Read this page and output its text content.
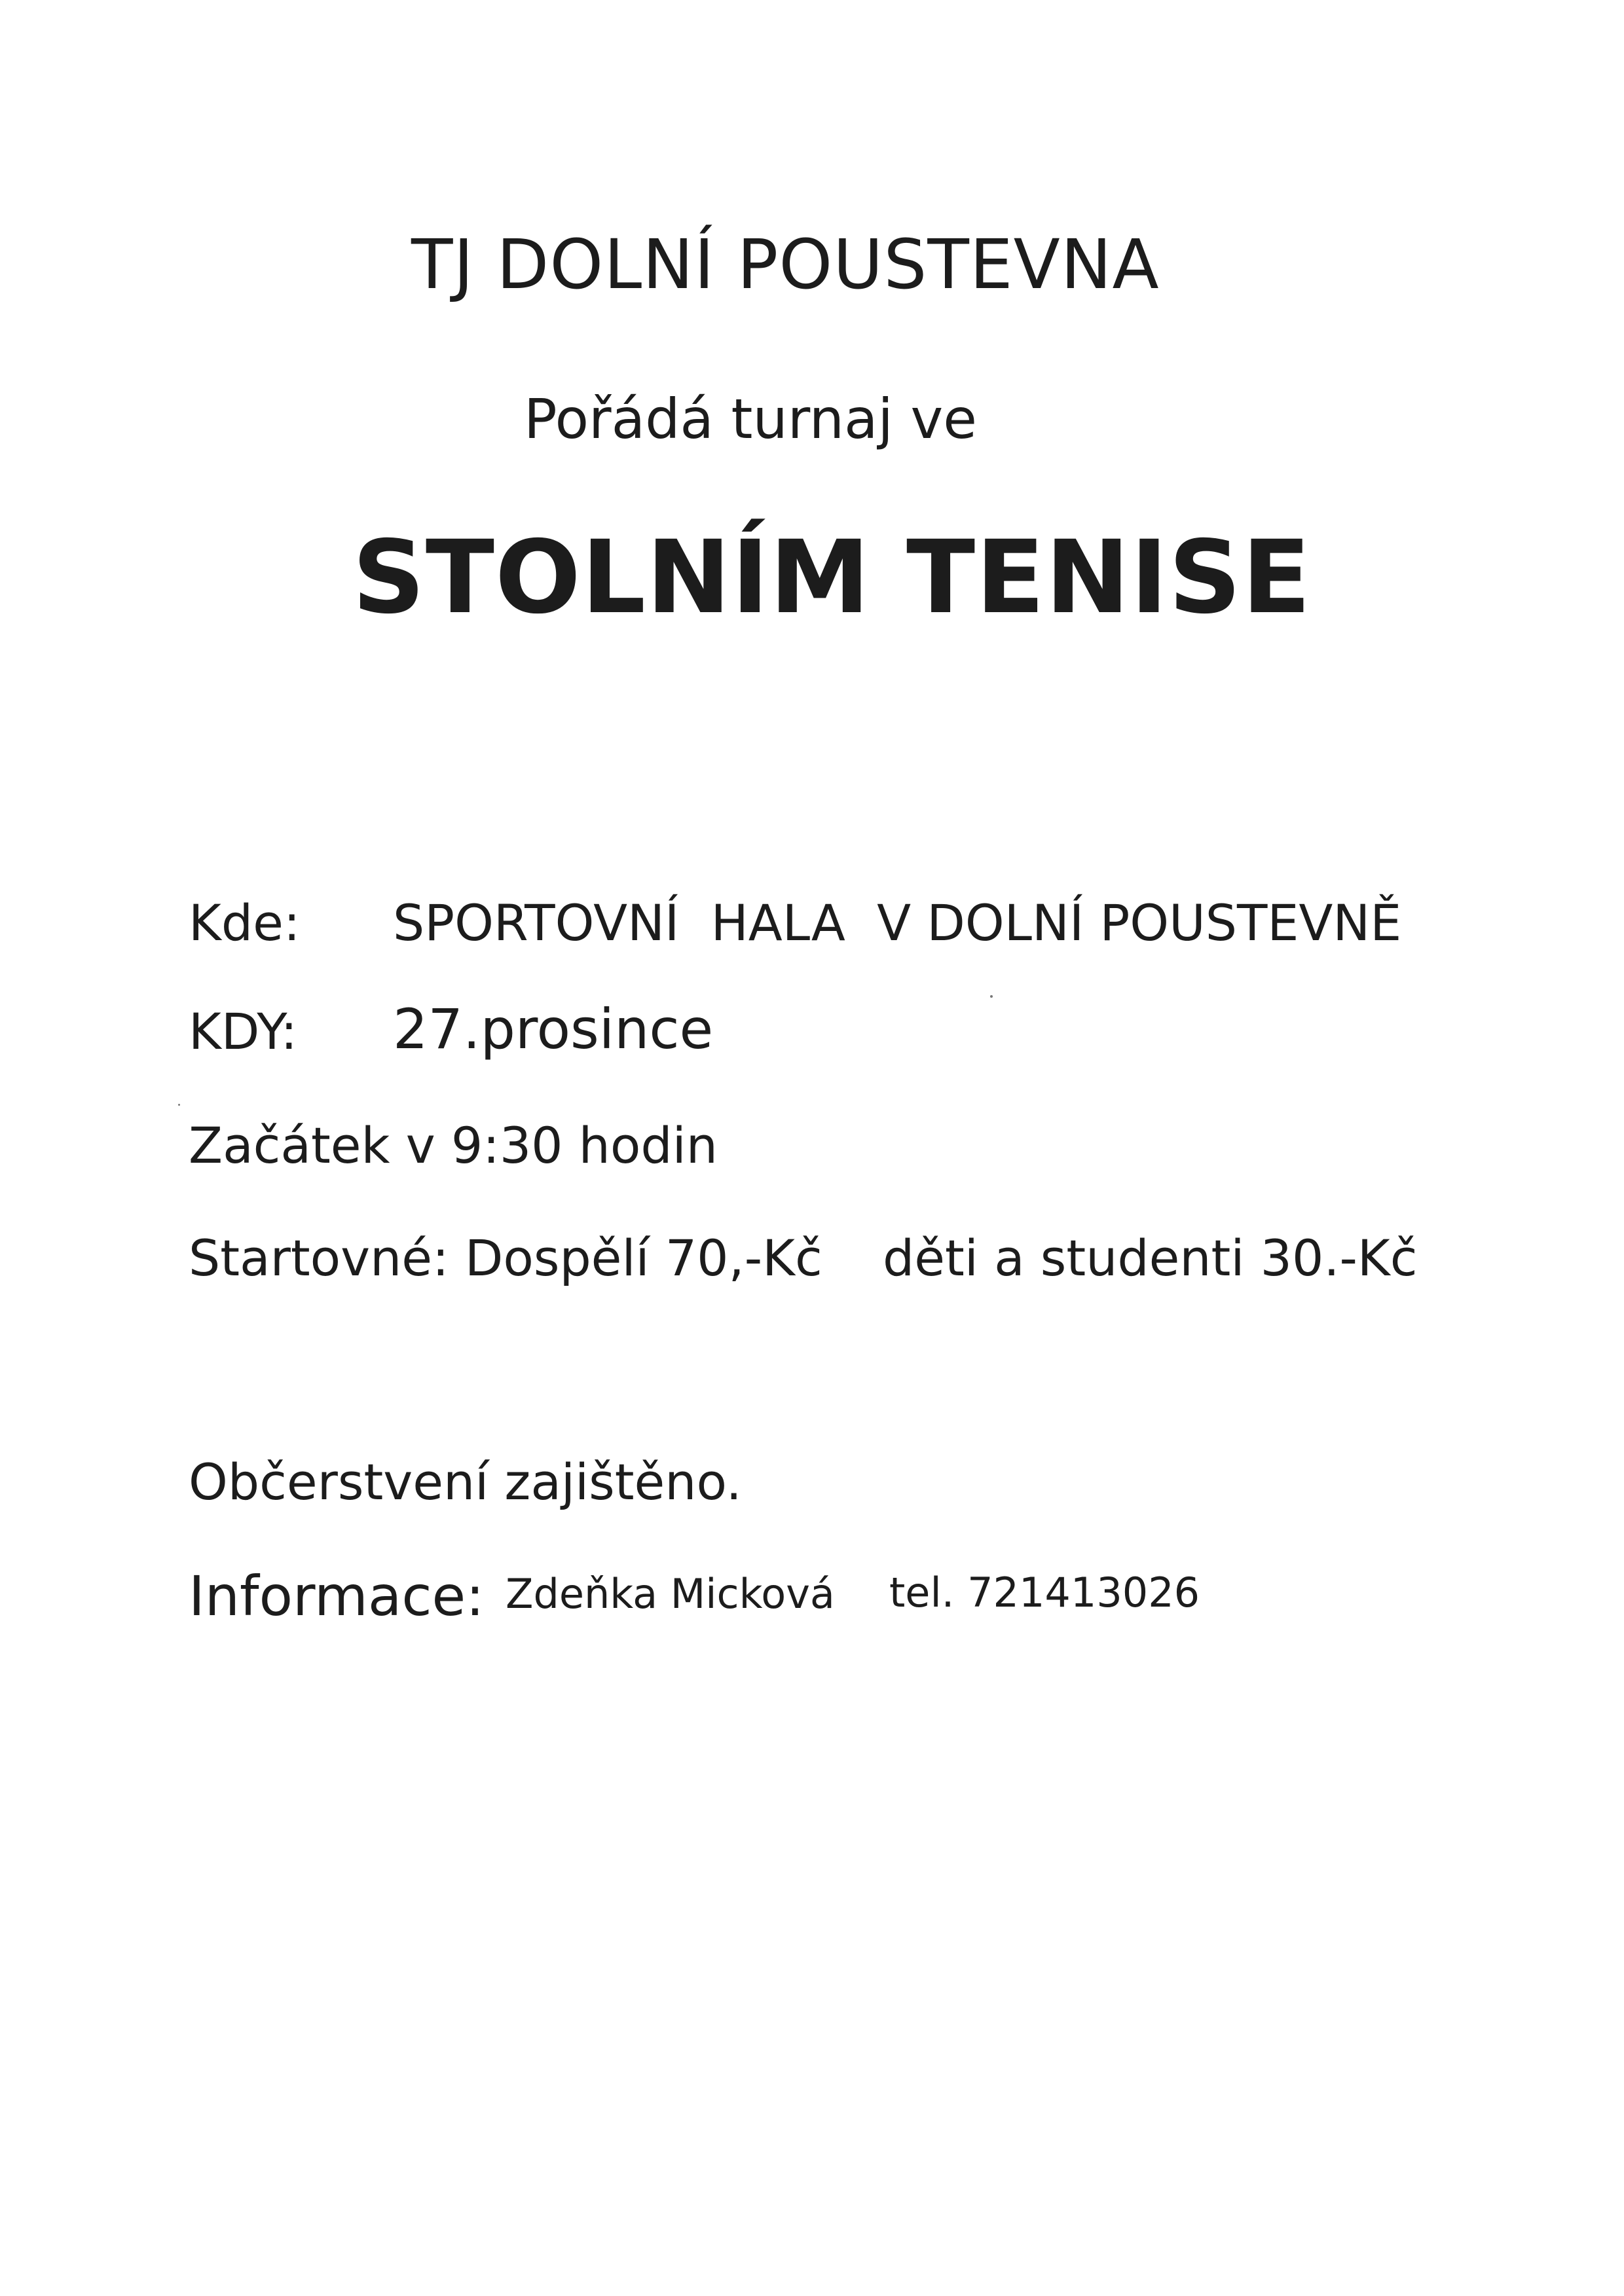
TJ DOLNÍ POUSTEVNA
Pořádá turnaj ve
STOLNÍM TENISE
Kde: SPORTOVNÍ  HALA  V DOLNÍ POUSTEVNĚ
KDY: 27.prosince
Začátek v 9:30 hodin
Startovné: Dospělí 70,-Kč děti a studenti 30.-Kč
Občerstvení zajištěno.
Informace: Zdeňka Micková tel. 721413026
